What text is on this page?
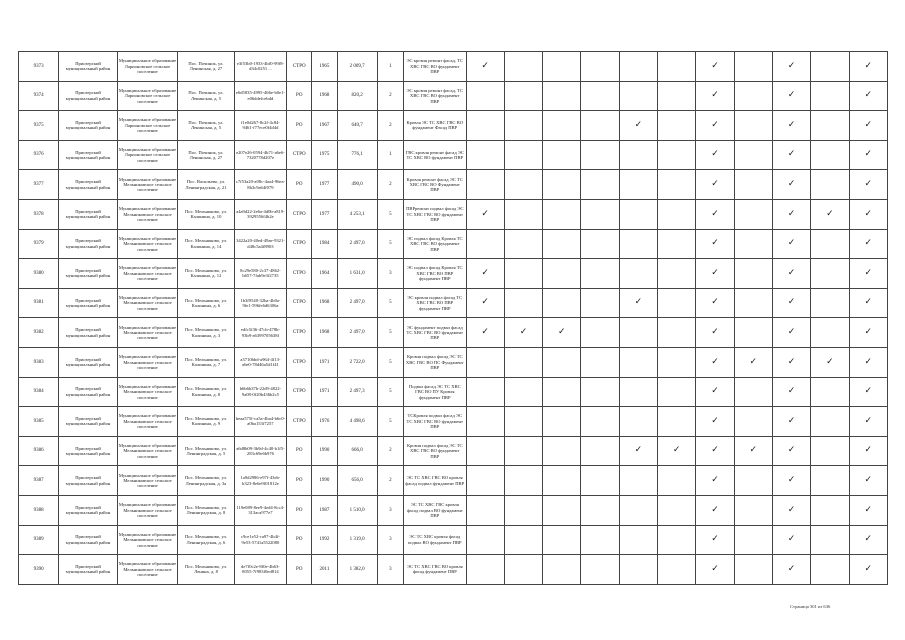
9373	Приозерский муниципальный район	Муниципальное образование Ларионовское сельское поселение	Пос. Починок, ул. Ленинская, д. 27	e3f53b0-1933-4bf0-99f8-d34c0251 ...	СТРО	1965	2 009,7	1	ЭС кровля ремонт фасад, ТС ХВС ГВС ВО фундамент ПВР	✓						✓		✓		✓
9374	Приозерский муниципальный район	Муниципальное образование Ларионовское сельское поселение	Пос. Починок, ул. Ленинская, д. 5	e6d5835-4995-466e-b0e1-e06ddefcebdd	РО	1968	820,2	2	ЭС кровля ремонт фасад, ТС ХВС ГВС ВО фундамент ПВР							✓		✓		✓
9375	Приозерский муниципальный район	Муниципальное образование Ларионовское сельское поселение	Пос. Починок, ул. Ленинская, д. 5	f1e0d267-8c2f-4c84-9461-f77ece0f4d4d	РО	1967	640,7	2	Кровля ЭС ТС ХВС ГВС ВО фундамент Фасад ПВР					✓		✓		✓		✓
9376	Приозерский муниципальный район	Муниципальное образование Ларионовское сельское поселение	Пос. Починок, ул. Ленинская, д. 27	e207e26-0594-4b71-a6e6-7320778d207e	СТРО	1975	776,1	1	ГВС кровля ремонт фасад ЭС ТС ХВС ВО фундамент ПВР							✓		✓		✓
9377	Приозерский муниципальный район	Муниципальное образование Мельниковское сельское поселение	Пос. Васильево, ул. Ленинградская, д. 21	c7f53a20-a08c-4aa4-96ea-8b3c9a64f079	РО	1977	490,0	2	Кровля ремонт фасад ЭС ТС ХВС ГВС ВО Фундамент ПВР							✓		✓		✓
9378	Приозерский муниципальный район	Муниципальное образование Мельниковское сельское поселение	Пос. Мельниково, ул. Калинина, д. 10	a4a9d22-2e6a-4d0b-a819-3929556f4b2e	СТРО	1977	4 253,1	5	ПВРремонт подвал фасад ЭС ТС ХВС ГВС ВО фундамент ПВР	✓						✓		✓	✓	✓
9379	Приозерский муниципальный район	Муниципальное образование Мельниковское сельское поселение	Пос. Мельниково, ул. Калинина, д. 14	3422a20-40ed-49ae-9321-d48c5a4f8903	СТРО	1984	2 497,0	5	ЭС подвал фасад Кровля ТС ХВС ГВС ВО фундамент ПВР							✓		✓		✓
9380	Приозерский муниципальный район	Муниципальное образование Мельниковское сельское поселение	Пос. Мельниково, ул. Калинина, д. 12	8c29e580-2c37-4862-b657-7fab9e3f2735	СТРО	1964	1 631,0	3	ЭС подвал фасад Кровля ТС ХВС ГВС ВО ПВР фундамент ПВР	✓						✓		✓		✓
9381	Приозерский муниципальный район	Муниципальное образование Мельниковское сельское поселение	Пос. Мельниково, ул. Калинина, д. 6	1b3f9540-32ba-4b0a-9fe1-596fe6d6306a	СТРО	1968	2 497,0	5	ЭС кровля подвал фасад ТС ХВС ГВС ВО ПВР фундамент ПВР	✓				✓		✓		✓		✓
9382	Приозерский муниципальный район	Муниципальное образование Мельниковское сельское поселение	Пос. Мельниково, ул. Калинина, д. 3	edfc5f36-47cb-478b-93b9-a6399705638f	СТРО	1968	2 497,0	5	ЭС фундамент подвал фасад ТС ХВС ГВС ВО фундамент ПВР	✓	✓	✓				✓		✓		✓
9383	Приозерский муниципальный район	Муниципальное образование Мельниковское сельское поселение	Пос. Мельниково, ул. Калинина, д. 7	a3710bbd-a964-4f13-a6e0-78d46a5d1f41	СТРО	1971	2 722,0	5	Кровля подвал фасад ЭС ТС ХВС ГВС ВО ПС Фундамент ПВР							✓	✓	✓	✓	✓
9384	Приозерский муниципальный район	Муниципальное образование Мельниковское сельское поселение	Пос. Мельниково, ул. Калинина, д. 8	b6b6b37b-22d9-4822-9a08-0f20b436b2c5	СТРО	1971	2 497,3	5	Подвал фасад ЭС ТС ХВС ГВС ВО ПУ Кровля фундамент ПВР							✓		✓		✓
9385	Приозерский муниципальный район	Муниципальное образование Мельниковское сельское поселение	Пос. Мельниково, ул. Калинина, д. 9	beaa575f-ca5a-4ba4-b6c0-a0ba153f7257	СТРО	1976	4 498,6	5	ТСКровля подвал фасад ЭС ТС ХВС ГВС ВО фундамент ПВР							✓		✓		✓
9386	Приозерский муниципальный район	Муниципальное образование Мельниковское сельское поселение	Пос. Мельниково, ул. Ленинградская, д. 5	a6d8b09-3b9d-4c40-b1f5-283c69e6b976	РО	1990	666,0	2	Кровля подвал фасад ЭС ТС ХВС ГВС ВО фундамент ПВР					✓	✓	✓	✓	✓		✓
9387	Приозерский муниципальный район	Муниципальное образование Мельниковское сельское поселение	Пос. Мельниково, ул. Ленинградская, д. 3а	1a9d2986-e97f-43eb-b323-8e6e9f01812e	РО	1990	656,0	2	ЭС ТС ХВС ГВС ВО кровля фасад подвал фундамент ПВР							✓		✓		✓
9388	Приозерский муниципальный район	Муниципальное образование Мельниковское сельское поселение	Пос. Мельниково, ул. Ленинградская, д. 8	119e089-8ee9-4ed4-8cc4-313aca977e7	РО	1987	1 510,0	3	ЭС ТС ХВС ГВС кровля фасад подвал ВО фундамент ПВР							✓		✓		✓
9389	Приозерский муниципальный район	Муниципальное образование Мельниковское сельское поселение	Пос. Мельниково, ул. Ленинградская, д. 6	c9ce1e52-ca97-4b4f-9e53-5741a5522080	РО	1992	1 319,0	3	ЭС ТС ХВС кровля фасад подвал ВО фундамент ПВР							✓		✓		✓
9390	Приозерский муниципальный район	Муниципальное образование Мельниковское сельское поселение	Пос. Мельниково, ул. Ленина, д. 8	de7f0c2e-8f0e-4b63-8055-7f983f0ed814	РО	2011	1 382,0	3	ЭС ТС ХВС ГВС ВО кровля фасад фундамент ПВР							✓		✓		✓
Страница 301 из 636
